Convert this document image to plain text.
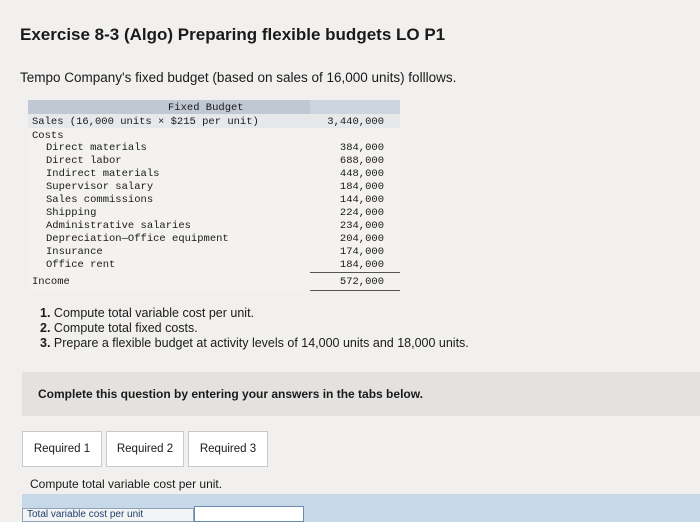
Exercise 8-3 (Algo) Preparing flexible budgets LO P1

Tempo Company's fixed budget (based on sales of 16,000 units) folllows.

Fixed Budget
Sales (16,000 units × $215 per unit)	3,440,000
Costs
Direct materials	384,000
Direct labor	688,000
Indirect materials	448,000
Supervisor salary	184,000
Sales commissions	144,000
Shipping	224,000
Administrative salaries	234,000
Depreciation—Office equipment	204,000
Insurance	174,000
Office rent	184,000
Income	572,000
1. Compute total variable cost per unit.
2. Compute total fixed costs.
3. Prepare a flexible budget at activity levels of 14,000 units and 18,000 units.
Complete this question by entering your answers in the tabs below.
Required 1	Required 2	Required 3
Compute total variable cost per unit.
Total variable cost per unit
